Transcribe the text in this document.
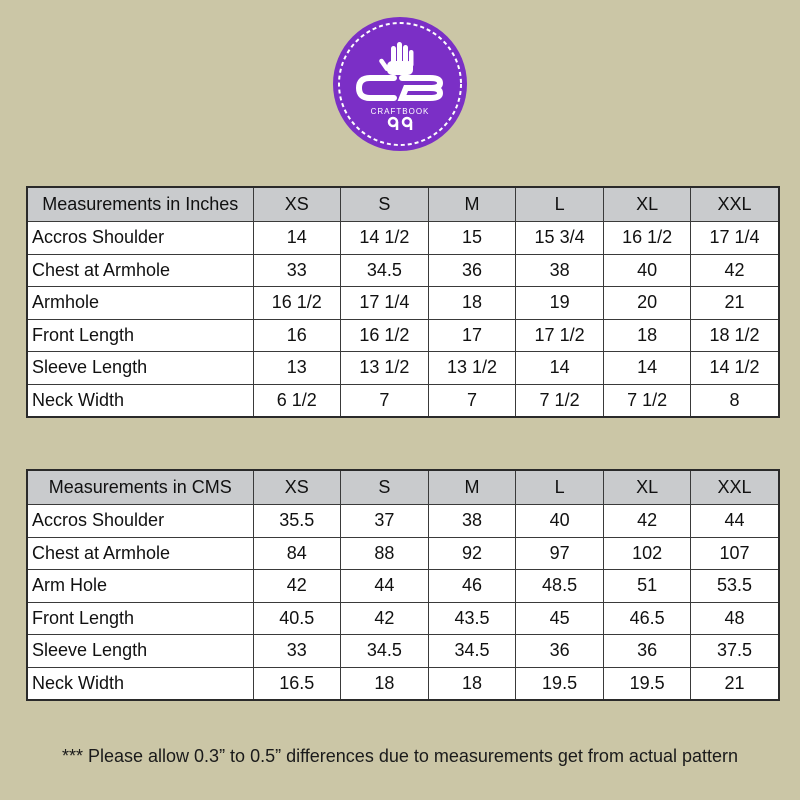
CRAFTBOOK
Measurements in Inches	XS	S	M	L	XL	XXL
Accros Shoulder	14	14 1/2	15	15 3/4	16 1/2	17 1/4
Chest at Armhole	33	34.5	36	38	40	42
Armhole	16 1/2	17 1/4	18	19	20	21
Front Length	16	16 1/2	17	17 1/2	18	18 1/2
Sleeve Length	13	13 1/2	13 1/2	14	14	14 1/2
Neck Width	6 1/2	7	7	7 1/2	7 1/2	8
Measurements in CMS	XS	S	M	L	XL	XXL
Accros Shoulder	35.5	37	38	40	42	44
Chest at Armhole	84	88	92	97	102	107
Arm Hole	42	44	46	48.5	51	53.5
Front Length	40.5	42	43.5	45	46.5	48
Sleeve Length	33	34.5	34.5	36	36	37.5
Neck Width	16.5	18	18	19.5	19.5	21
*** Please allow 0.3” to 0.5” differences due to measurements get from actual pattern
